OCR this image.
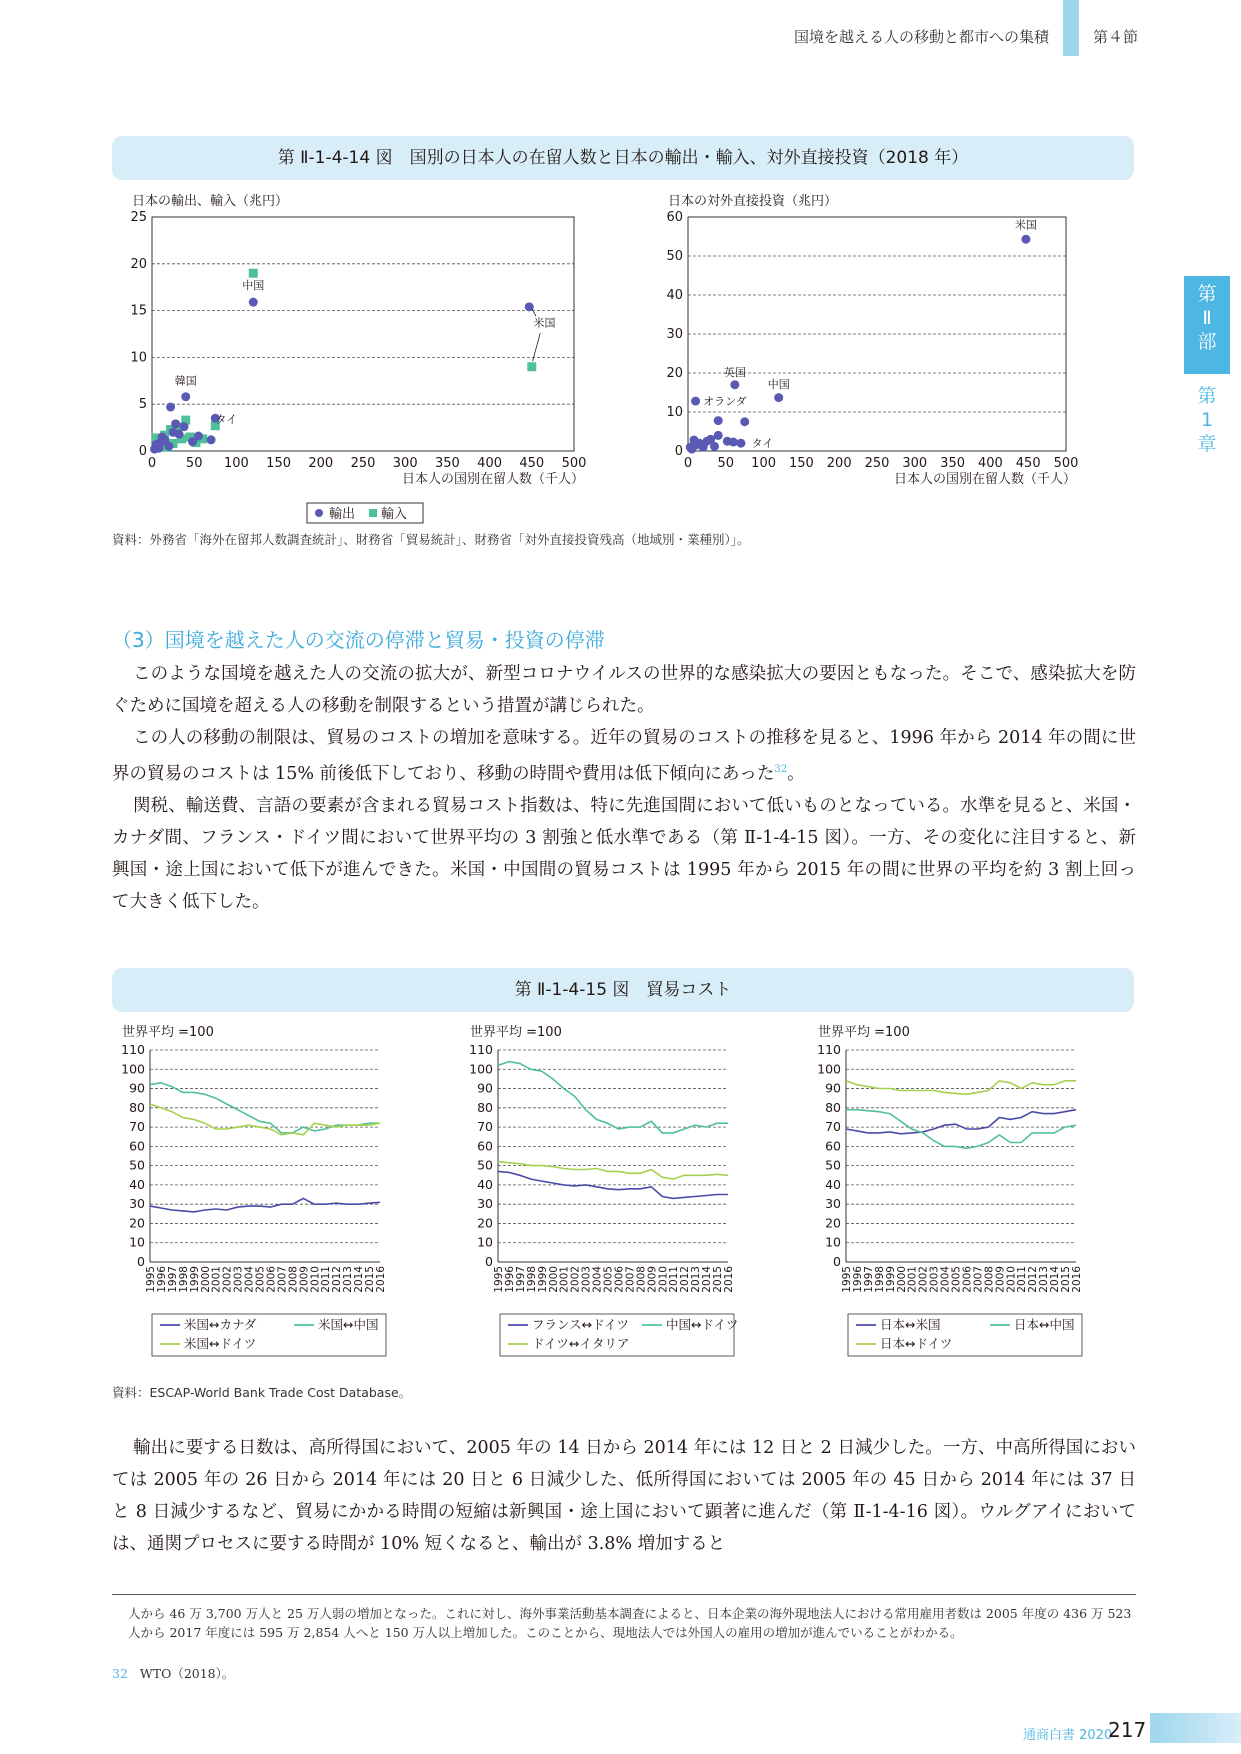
国境を越える人の移動と都市への集積	第４節
第
Ⅱ
部
第
1
章
第 Ⅱ-1-4-14 図　国別の日本人の在留人数と日本の輸出・輸入、対外直接投資（2018 年）
日本の輸出、輸入（兆円）
0
5
10
15
20
25
0 50 100 150 200 250 300 350 400 450 500
日本人の国別在留人数（千人）
中国
米国
韓国
タイ
日本の対外直接投資（兆円）
0
10
20
30
40
50
60
0 50 100 150 200 250 300 350 400 450 500
日本人の国別在留人数（千人）
米国
英国
中国
オランダ
タイ
輸出 輸入
資料：外務省「海外在留邦人数調査統計」、財務省「貿易統計」、財務省「対外直接投資残高（地域別・業種別）」。
（3）国境を越えた人の交流の停滞と貿易・投資の停滞

このような国境を越えた人の交流の拡大が、新型コロナウイルスの世界的な感染拡大の要因ともなった。そこで、感染拡大を防ぐために国境を超える人の移動を制限するという措置が講じられた。

この人の移動の制限は、貿易のコストの増加を意味する。近年の貿易のコストの推移を見ると、1996 年から 2014 年の間に世界の貿易のコストは 15% 前後低下しており、移動の時間や費用は低下傾向にあった$^{32}$。

関税、輸送費、言語の要素が含まれる貿易コスト指数は、特に先進国間において低いものとなっている。水準を見ると、米国・カナダ間、フランス・ドイツ間において世界平均の 3 割強と低水準である（第 Ⅱ-1-4-15 図）。一方、その変化に注目すると、新興国・途上国において低下が進んできた。米国・中国間の貿易コストは 1995 年から 2015 年の間に世界の平均を約 3 割上回って大きく低下した。

第 Ⅱ-1-4-15 図　貿易コスト
世界平均 =100
0
10
20
30
40
50
60
70
80
90
100
110
1995
1996
1997
1998
1999
2000
2001
2002
2003
2004
2005
2006
2007
2008
2009
2010
2011
2012
2013
2014
2015
2016
米国↔カナダ	米国↔中国
米国↔ドイツ
世界平均 =100
0
10
20
30
40
50
60
70
80
90
100
110
1995
1996
1997
1998
1999
2000
2001
2002
2003
2004
2005
2006
2007
2008
2009
2010
2011
2012
2013
2014
2015
2016
フランス↔ドイツ	中国↔ドイツ
ドイツ↔イタリア
世界平均 =100
0
10
20
30
40
50
60
70
80
90
100
110
1995
1996
1997
1998
1999
2000
2001
2002
2003
2004
2005
2006
2007
2008
2009
2010
2011
2012
2013
2014
2015
2016
日本↔米国	日本↔中国
日本↔ドイツ
資料：ESCAP-World Bank Trade Cost Database。

輸出に要する日数は、高所得国において、2005 年の 14 日から 2014 年には 12 日と 2 日減少した。一方、中高所得国においては 2005 年の 26 日から 2014 年には 20 日と 6 日減少した、低所得国においては 2005 年の 45 日から 2014 年には 37 日と 8 日減少するなど、貿易にかかる時間の短縮は新興国・途上国において顕著に進んだ（第 Ⅱ-1-4-16 図）。ウルグアイにおいては、通関プロセスに要する時間が 10% 短くなると、輸出が 3.8% 増加すると

人から 46 万 3,700 万人と 25 万人弱の増加となった。これに対し、海外事業活動基本調査によると、日本企業の海外現地法人における常用雇用者数は 2005 年度の 436 万 523 人から 2017 年度には 595 万 2,854 人へと 150 万人以上増加した。このことから、現地法人では外国人の雇用の増加が進んでいることがわかる。
32 WTO（2018）。
通商白書 2020
217
